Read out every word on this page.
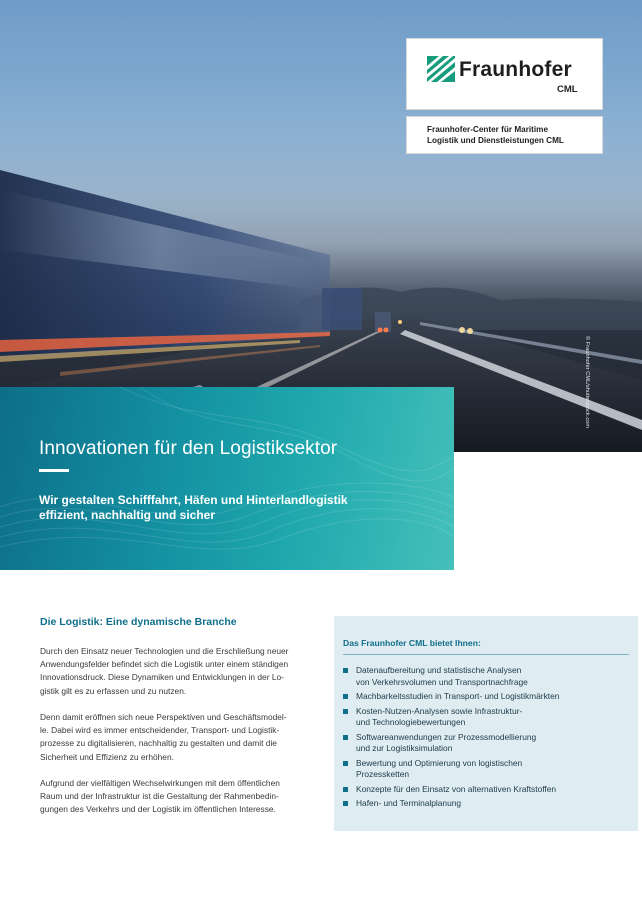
© Fraunhofer CML/shutterstock.com
Fraunhofer
CML
Fraunhofer-Center für Maritime
Logistik und Dienstleistungen CML
Innovationen für den Logistiksektor
Wir gestalten Schifffahrt, Häfen und Hinterlandlogistik
effizient, nachhaltig und sicher
Die Logistik: Eine dynamische Branche
Durch den Einsatz neuer Technologien und die Erschließung neuer
Anwendungsfelder befindet sich die Logistik unter einem ständigen
Innovationsdruck. Diese Dynamiken und Entwicklungen in der Lo-
gistik gilt es zu erfassen und zu nutzen.
Denn damit eröffnen sich neue Perspektiven und Geschäftsmodel-
le. Dabei wird es immer entscheidender, Transport- und Logistik-
prozesse zu digitalisieren, nachhaltig zu gestalten und damit die
Sicherheit und Effizienz zu erhöhen.
Aufgrund der vielfältigen Wechselwirkungen mit dem öffentlichen
Raum und der Infrastruktur ist die Gestaltung der Rahmenbedin-
gungen des Verkehrs und der Logistik im öffentlichen Interesse.
Das Fraunhofer CML bietet Ihnen:
Datenaufbereitung und statistische Analysen
von Verkehrsvolumen und Transportnachfrage
Machbarkeitsstudien in Transport- und Logistikmärkten
Kosten-Nutzen-Analysen sowie Infrastruktur-
und Technologiebewertungen
Softwareanwendungen zur Prozessmodellierung
und zur Logistiksimulation
Bewertung und Optimierung von logistischen
Prozessketten
Konzepte für den Einsatz von alternativen Kraftstoffen
Hafen- und Terminalplanung
